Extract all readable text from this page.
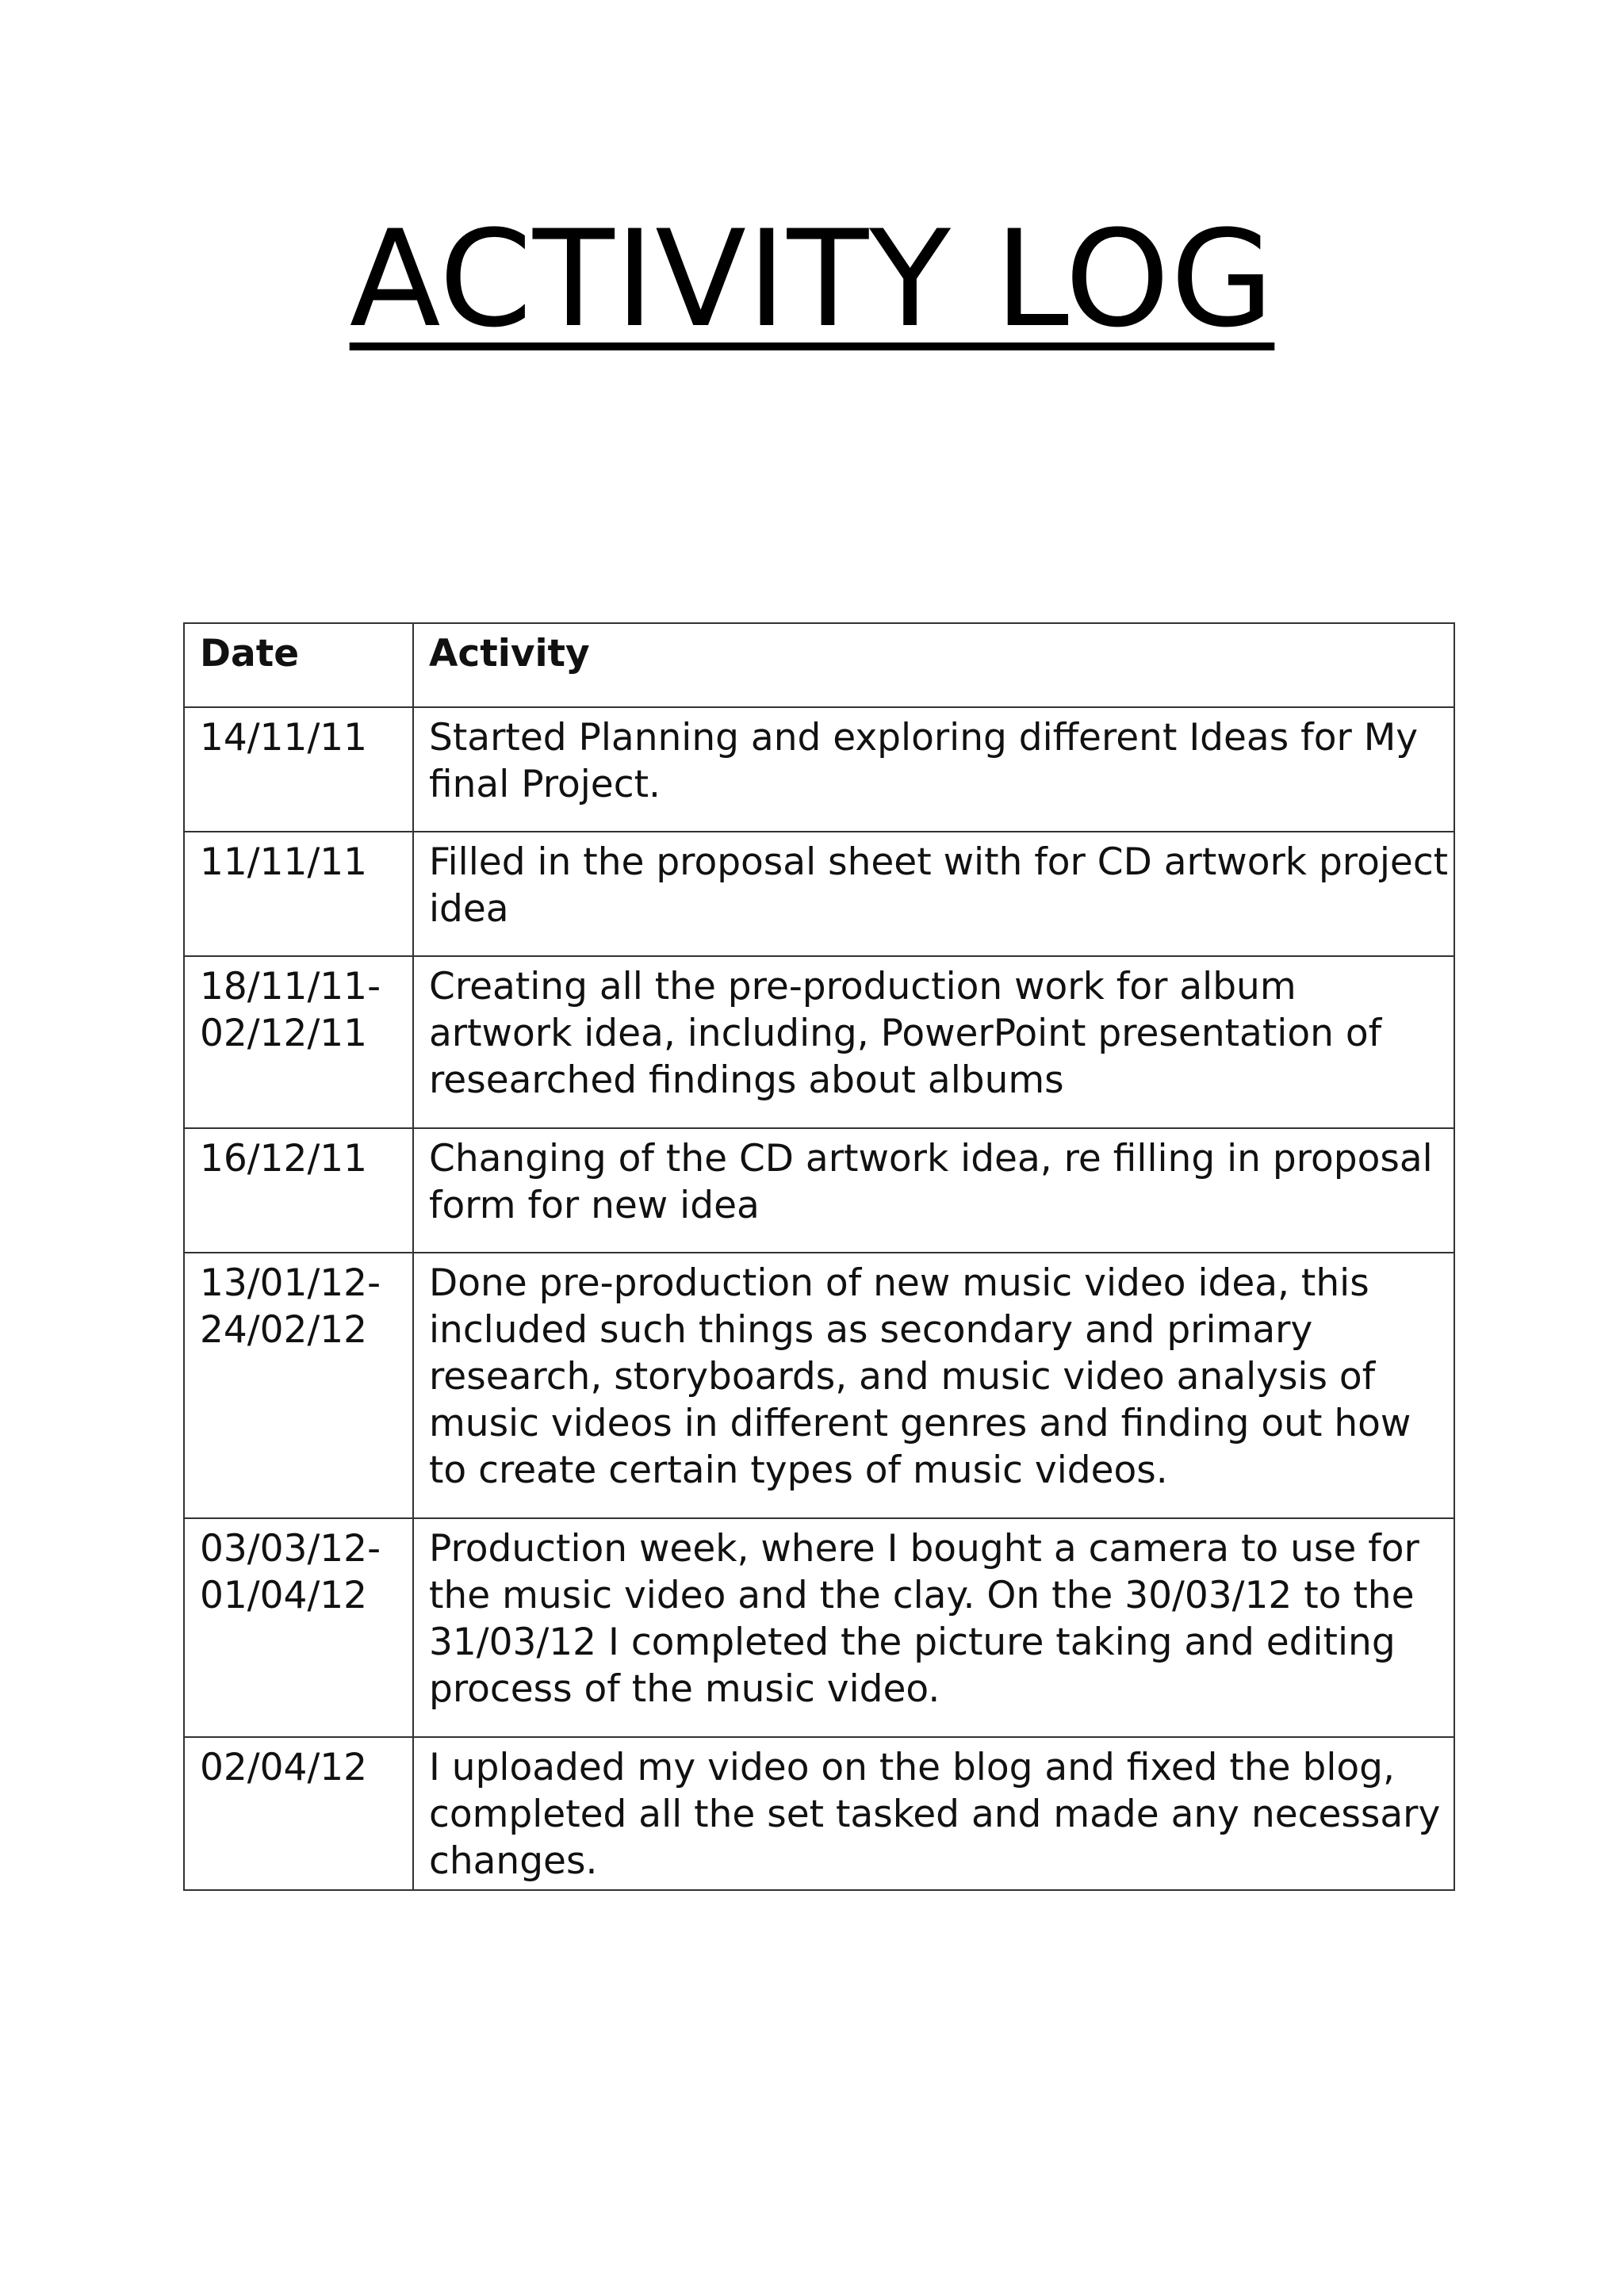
ACTIVITY LOG
Date	Activity
14/11/11	Started Planning and exploring different Ideas for My final Project.
11/11/11	Filled in the proposal sheet with for CD artwork project idea
18/11/11-
02/12/11	Creating all the pre-production work for album artwork idea, including, PowerPoint presentation of researched findings about albums
16/12/11	Changing of the CD artwork idea, re filling in proposal form for new idea
13/01/12-
24/02/12	Done pre-production of new music video idea, this included such things as secondary and primary research, storyboards, and music video analysis of music videos in different genres and finding out how to create certain types of music videos.
03/03/12-
01/04/12	Production week, where I bought a camera to use for the music video and the clay. On the 30/03/12 to the 31/03/12 I completed the picture taking and editing process of the music video.
02/04/12	I uploaded my video on the blog and fixed the blog, completed all the set tasked and made any necessary changes.
